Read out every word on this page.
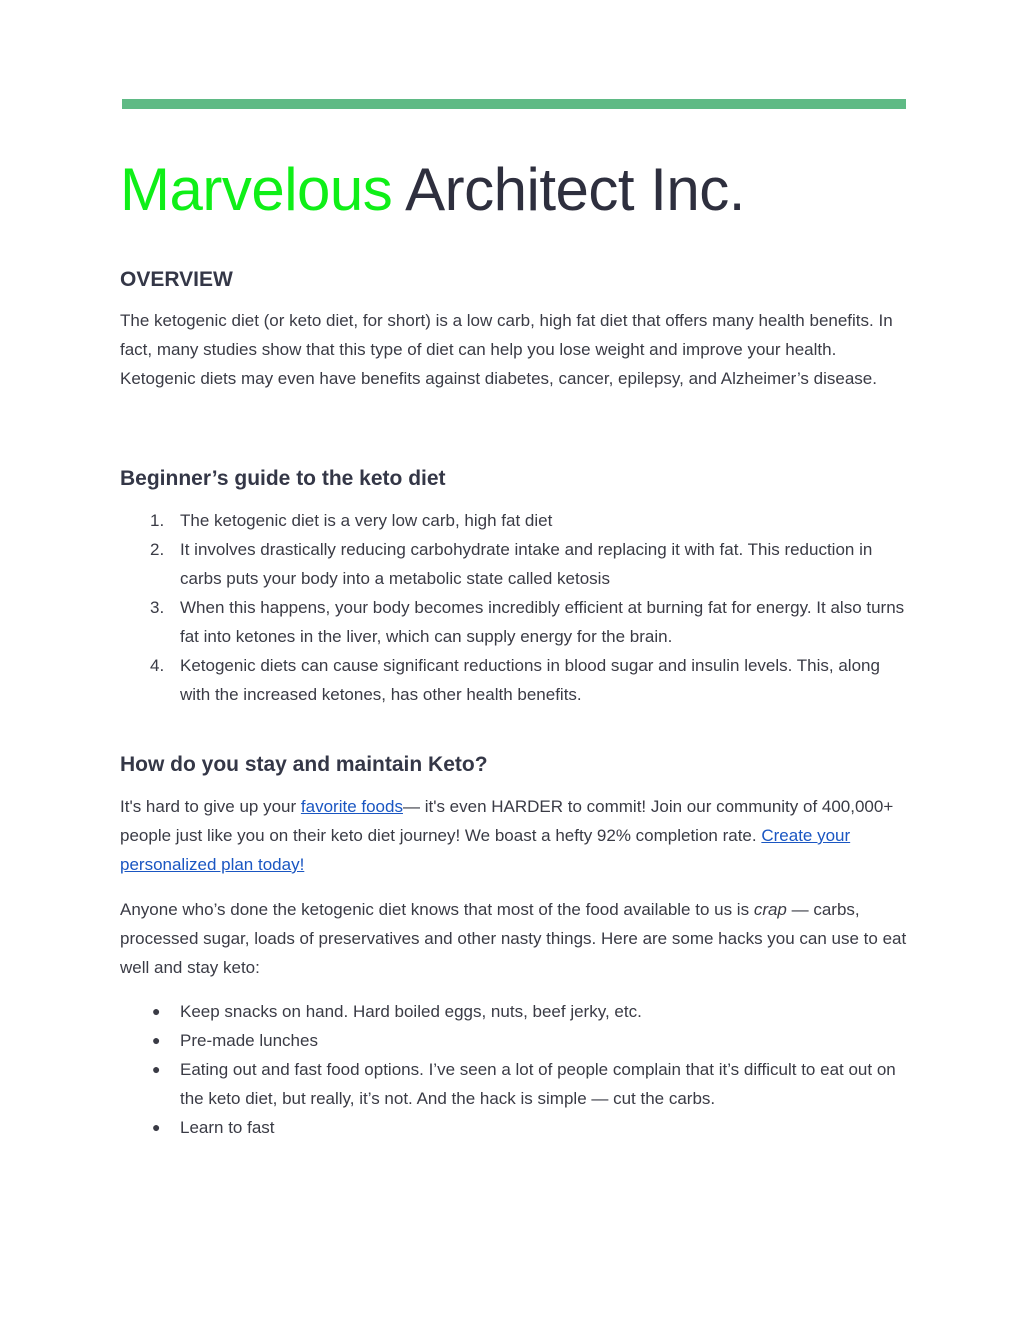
Marvelous Architect Inc.
OVERVIEW

The ketogenic diet (or keto diet, for short) is a low carb, high fat diet that offers many health benefits. In fact, many studies show that this type of diet can help you lose weight and improve your health. Ketogenic diets may even have benefits against diabetes, cancer, epilepsy, and Alzheimer’s disease.

Beginner’s guide to the keto diet
1. The ketogenic diet is a very low carb, high fat diet
2. It involves drastically reducing carbohydrate intake and replacing it with fat. This reduction in carbs puts your body into a metabolic state called ketosis
3. When this happens, your body becomes incredibly efficient at burning fat for energy. It also turns fat into ketones in the liver, which can supply energy for the brain.
4. Ketogenic diets can cause significant reductions in blood sugar and insulin levels. This, along with the increased ketones, has other health benefits.
How do you stay and maintain Keto?

It's hard to give up your favorite foods— it's even HARDER to commit! Join our community of 400,000+ people just like you on their keto diet journey! We boast a hefty 92% completion rate. Create your personalized plan today!

Anyone who’s done the ketogenic diet knows that most of the food available to us is crap — carbs, processed sugar, loads of preservatives and other nasty things. Here are some hacks you can use to eat well and stay keto:

● Keep snacks on hand. Hard boiled eggs, nuts, beef jerky, etc.
● Pre-made lunches
● Eating out and fast food options. I’ve seen a lot of people complain that it’s difficult to eat out on the keto diet, but really, it’s not. And the hack is simple — cut the carbs.
● Learn to fast
